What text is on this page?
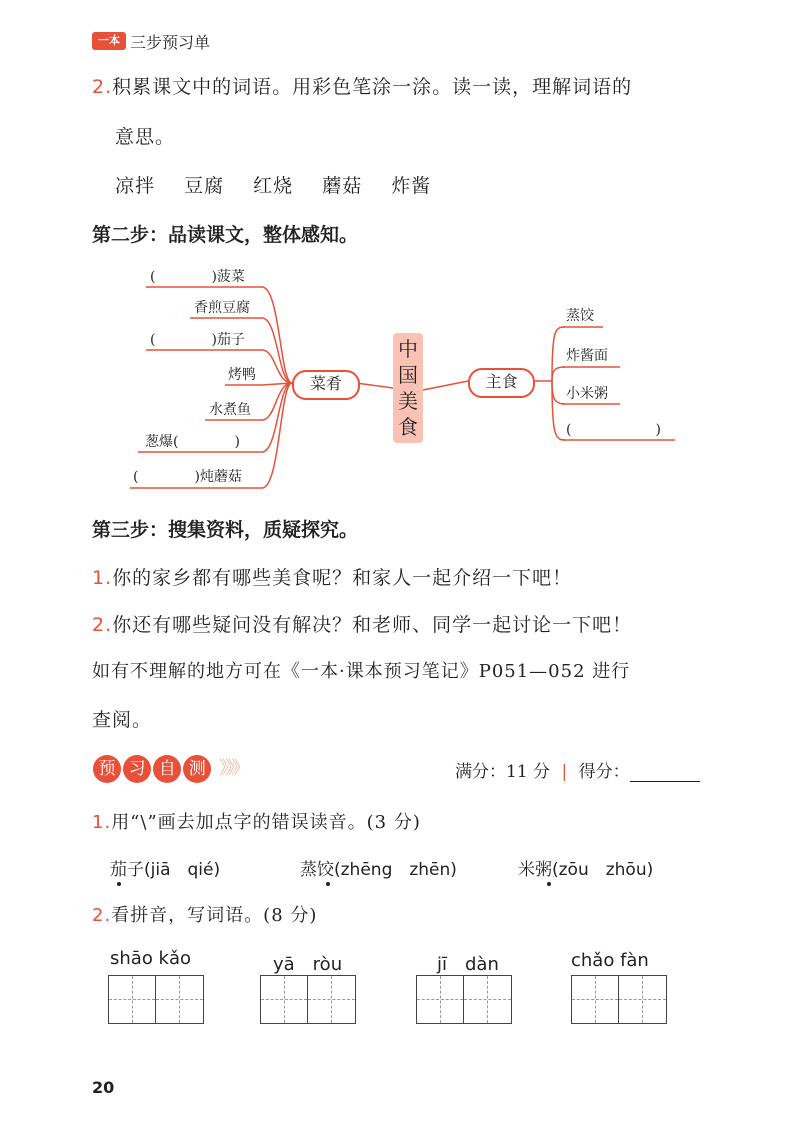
一本 三步预习单
2.积累课文中的词语。用彩色笔涂一涂。读一读，理解词语的
意思。
凉拌 豆腐 红烧 蘑菇 炸酱
第二步：品读课文，整体感知。
(　　　　)菠菜
香煎豆腐
(　　　　)茄子
烤鸭
水煮鱼
葱爆(　　　　)
(　　　　)炖蘑菇
菜肴
中
国
美
食
主食
蒸饺
炸酱面
小米粥
(　　　　　　)
第三步：搜集资料，质疑探究。
1.你的家乡都有哪些美食呢？和家人一起介绍一下吧！
2.你还有哪些疑问没有解决？和老师、同学一起讨论一下吧！
如有不理解的地方可在《一本·课本预习笔记》P051—052 进行
查阅。
预 习 自 测 》》》	满分：11 分 | 得分：
1.用“\”画去加点字的错误读音。(3 分)
茄子(jiā　qié)	蒸饺(zhēng　zhēn)	米粥(zōu　zhōu)
2.看拼音，写词语。(8 分)
shāo kǎo	yā　ròu	jī　dàn	chǎo fàn
20
